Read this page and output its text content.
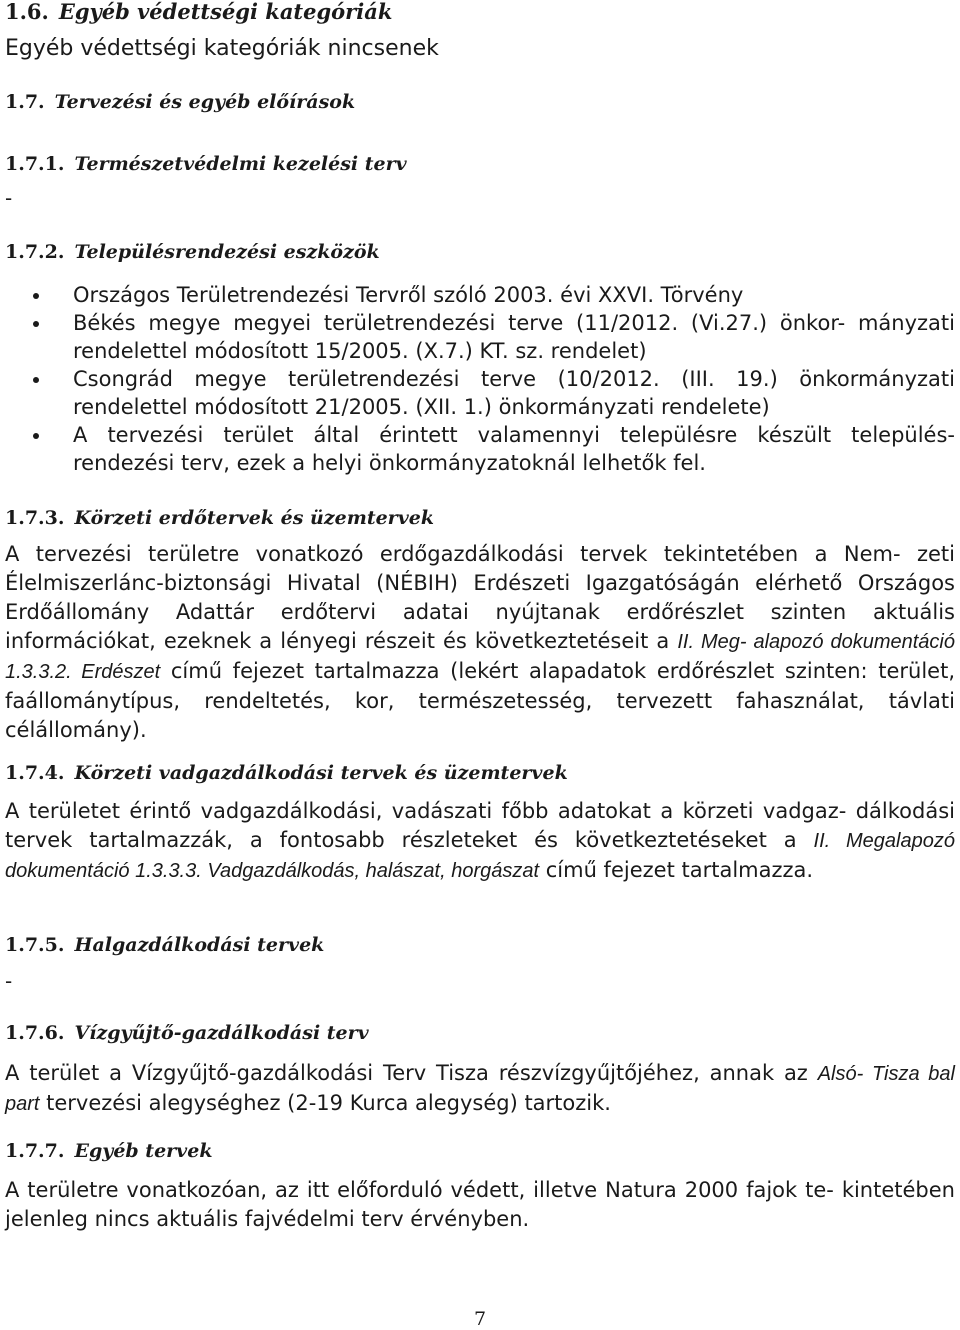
1.6. Egyéb védettségi kategóriák

Egyéb védettségi kategóriák nincsenek

1.7. Tervezési és egyéb előírások
1.7.1. Természetvédelmi kezelési terv

-

1.7.2. Településrendezési eszközök
Országos Területrendezési Tervről szóló 2003. évi XXVI. Törvény
Békés megye megyei területrendezési terve (11/2012. (Vi.27.) önkor- mányzati rendelettel módosított 15/2005. (X.7.) KT. sz. rendelet)
Csongrád megye területrendezési terve (10/2012. (III. 19.) önkormányzati rendelettel módosított 21/2005. (XII. 1.) önkormányzati rendelete)
A tervezési terület által érintett valamennyi településre készült település- rendezési terv, ezek a helyi önkormányzatoknál lelhetők fel.
1.7.3. Körzeti erdőtervek és üzemtervek

A tervezési területre vonatkozó erdőgazdálkodási tervek tekintetében a Nem- zeti Élelmiszerlánc-biztonsági Hivatal (NÉBIH) Erdészeti Igazgatóságán elérhető Országos Erdőállomány Adattár erdőtervi adatai nyújtanak erdőrészlet szinten aktuális információkat, ezeknek a lényegi részeit és következtetéseit a II. Meg- alapozó dokumentáció 1.3.3.2. Erdészet című fejezet tartalmazza (lekért alapadatok erdőrészlet szinten: terület, faállománytípus, rendeltetés, kor, természetesség, tervezett fahasználat, távlati célállomány).

1.7.4. Körzeti vadgazdálkodási tervek és üzemtervek

A területet érintő vadgazdálkodási, vadászati főbb adatokat a körzeti vadgaz- dálkodási tervek tartalmazzák, a fontosabb részleteket és következtetéseket a II. Megalapozó dokumentáció 1.3.3.3. Vadgazdálkodás, halászat, horgászat című fejezet tartalmazza.

1.7.5. Halgazdálkodási tervek

-

1.7.6. Vízgyűjtő-gazdálkodási terv

A terület a Vízgyűjtő-gazdálkodási Terv Tisza részvízgyűjtőjéhez, annak az Alsó- Tisza bal part tervezési alegységhez (2-19 Kurca alegység) tartozik.

1.7.7. Egyéb tervek

A területre vonatkozóan, az itt előforduló védett, illetve Natura 2000 fajok te- kintetében jelenleg nincs aktuális fajvédelmi terv érvényben.

7
